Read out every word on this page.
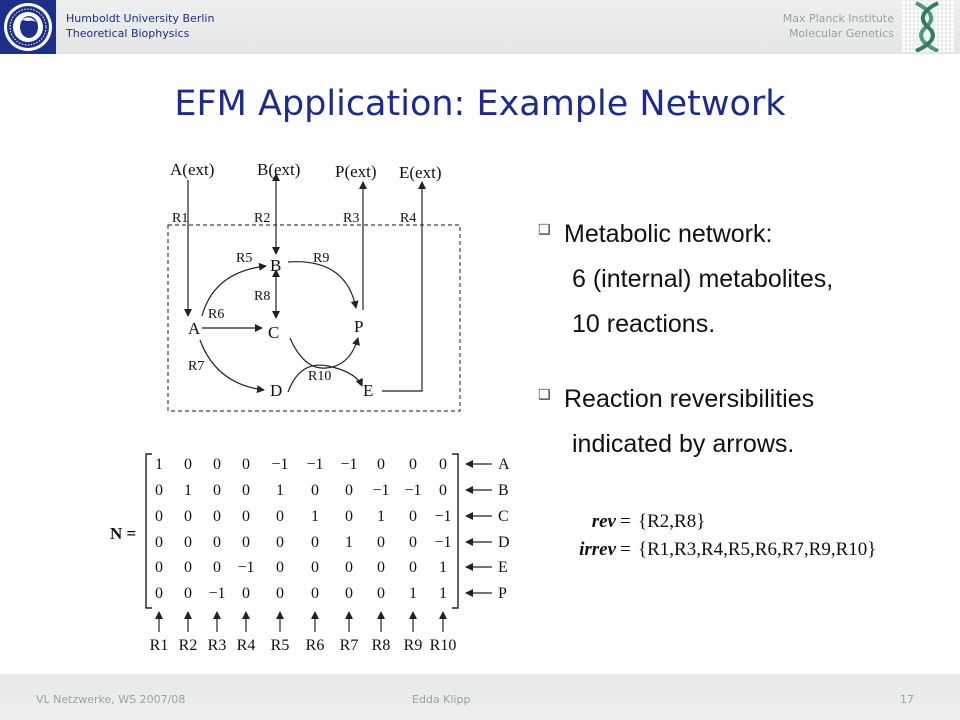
Humboldt University Berlin
Theoretical Biophysics
Max Planck Institute
Molecular Genetics
EFM Application: Example Network
A(ext)	B(ext) P(ext) E(ext)
R1	R2	R3	R4
R5
R6
R7
R8
R9
R10
A
B
C
D	E
P
N =
1 0 0 0 −1 −1 −1 0 0 0
0 1 0 0 1 0 0 −1 −1 0
0 0 0 0 0 1 0 1 0 −1
0 0 0 0 0 0 1 0 0 −1
0 0 0 −1 0 0 0 0 0 1
0 0 −1 0 0 0 0 0 1 1
A
B
C
D
E
P
R1 R2 R3 R4 R5 R6 R7 R8 R9 R10
❑ Metabolic network:
6 (internal) metabolites,
10 reactions.
❑ Reaction reversibilities
indicated by arrows.
rev = {R2,R8}
irrev = {R1,R3,R4,R5,R6,R7,R9,R10}
VL Netzwerke, WS 2007/08	Edda Klipp	17
